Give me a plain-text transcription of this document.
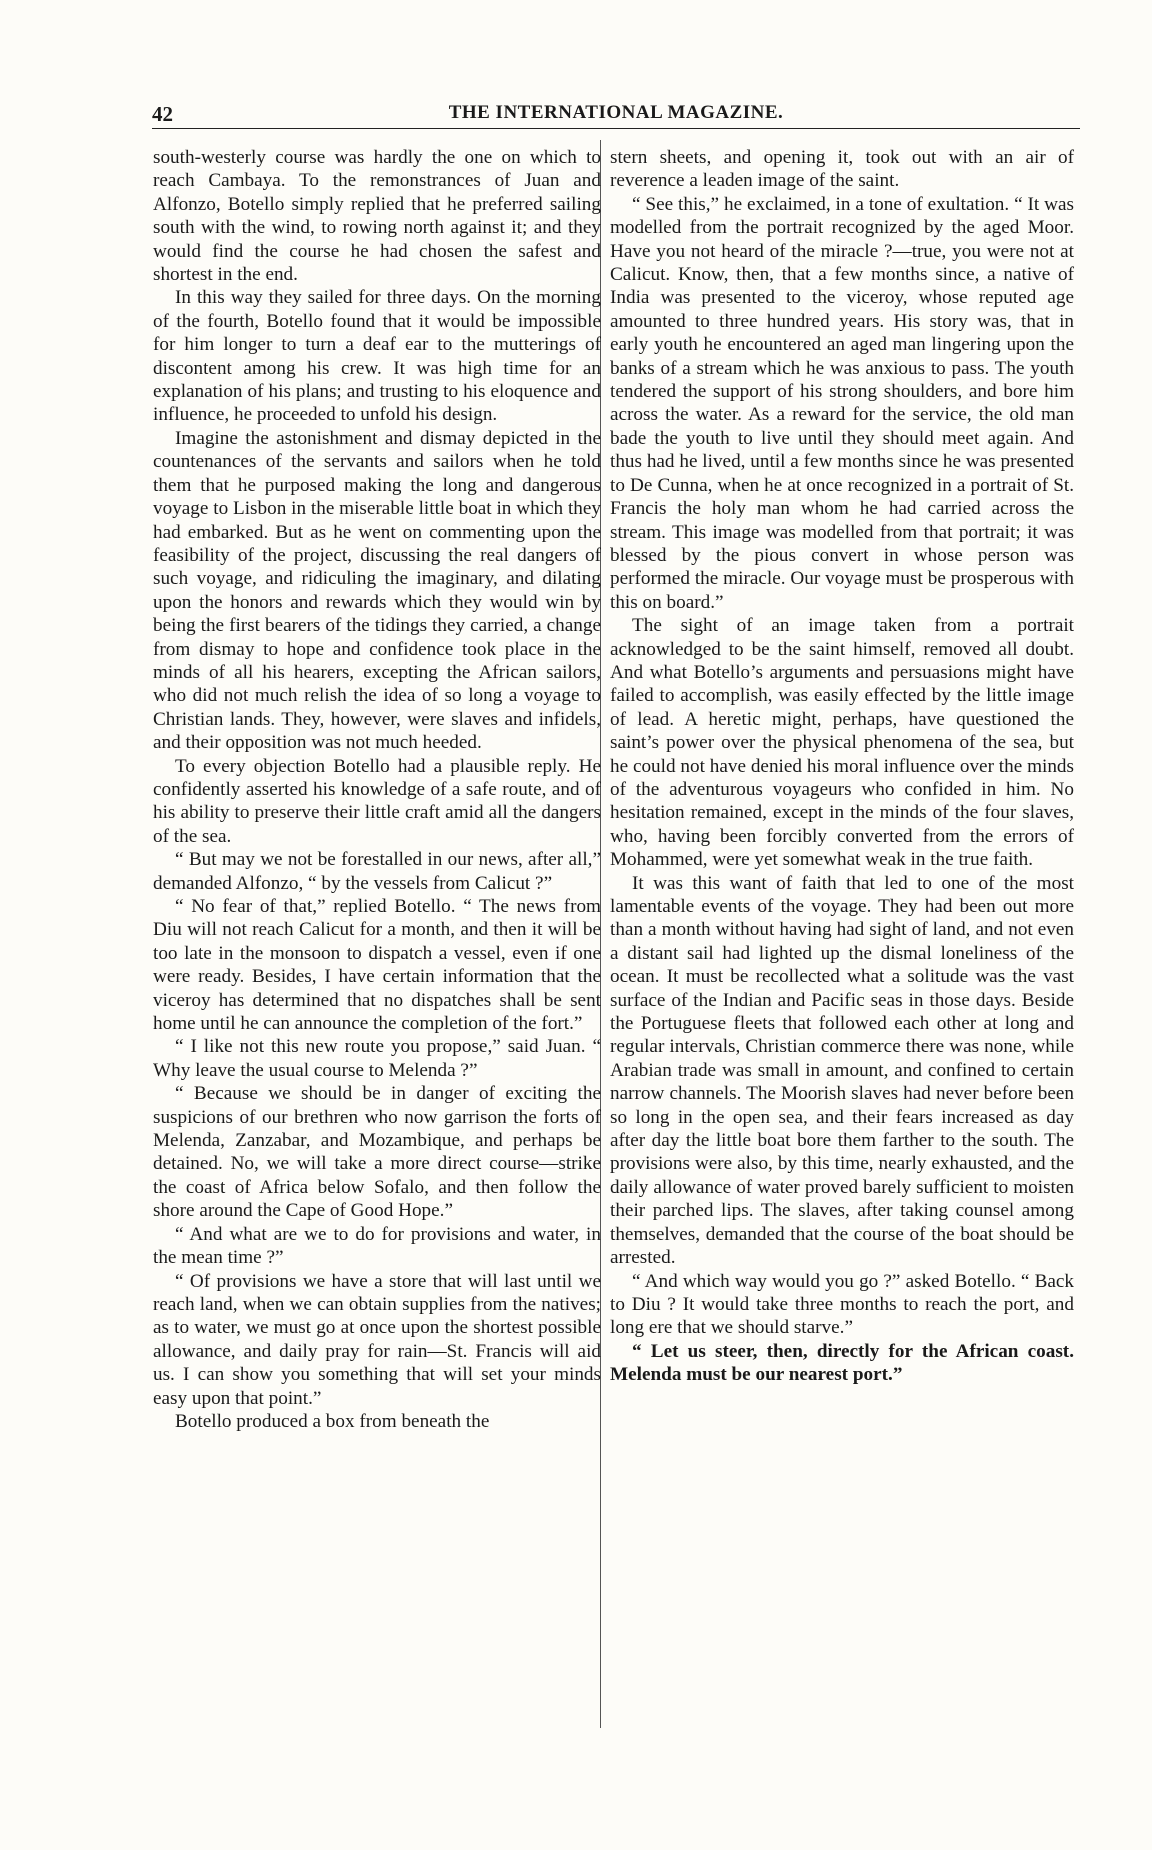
42	THE INTERNATIONAL MAGAZINE.

south-westerly course was hardly the one on which to reach Cambaya. To the remonstrances of Juan and Alfonzo, Botello simply replied that he preferred sailing south with the wind, to rowing north against it; and they would find the course he had chosen the safest and shortest in the end.

In this way they sailed for three days. On the morning of the fourth, Botello found that it would be impossible for him longer to turn a deaf ear to the mutterings of discontent among his crew. It was high time for an explanation of his plans; and trusting to his eloquence and influence, he proceeded to unfold his design.

Imagine the astonishment and dismay depicted in the countenances of the servants and sailors when he told them that he purposed making the long and dangerous voyage to Lisbon in the miserable little boat in which they had embarked. But as he went on commenting upon the feasibility of the project, discussing the real dangers of such voyage, and ridiculing the imaginary, and dilating upon the honors and rewards which they would win by being the first bearers of the tidings they carried, a change from dismay to hope and confidence took place in the minds of all his hearers, excepting the African sailors, who did not much relish the idea of so long a voyage to Christian lands. They, however, were slaves and infidels, and their opposition was not much heeded.

To every objection Botello had a plausible reply. He confidently asserted his knowledge of a safe route, and of his ability to preserve their little craft amid all the dangers of the sea.

“ But may we not be forestalled in our news, after all,” demanded Alfonzo, “ by the vessels from Calicut ?”

“ No fear of that,” replied Botello. “ The news from Diu will not reach Calicut for a month, and then it will be too late in the monsoon to dispatch a vessel, even if one were ready. Besides, I have certain information that the viceroy has determined that no dispatches shall be sent home until he can announce the completion of the fort.”

“ I like not this new route you propose,” said Juan. “ Why leave the usual course to Melenda ?”

“ Because we should be in danger of exciting the suspicions of our brethren who now garrison the forts of Melenda, Zanzabar, and Mozambique, and perhaps be detained. No, we will take a more direct course—strike the coast of Africa below Sofalo, and then follow the shore around the Cape of Good Hope.”

“ And what are we to do for provisions and water, in the mean time ?”

“ Of provisions we have a store that will last until we reach land, when we can obtain supplies from the natives; as to water, we must go at once upon the shortest possible allowance, and daily pray for rain—St. Francis will aid us. I can show you something that will set your minds easy upon that point.”

Botello produced a box from beneath the

stern sheets, and opening it, took out with an air of reverence a leaden image of the saint.

“ See this,” he exclaimed, in a tone of exultation. “ It was modelled from the portrait recognized by the aged Moor. Have you not heard of the miracle ?—true, you were not at Calicut. Know, then, that a few months since, a native of India was presented to the viceroy, whose reputed age amounted to three hundred years. His story was, that in early youth he encountered an aged man lingering upon the banks of a stream which he was anxious to pass. The youth tendered the support of his strong shoulders, and bore him across the water. As a reward for the service, the old man bade the youth to live until they should meet again. And thus had he lived, until a few months since he was presented to De Cunna, when he at once recognized in a portrait of St. Francis the holy man whom he had carried across the stream. This image was modelled from that portrait; it was blessed by the pious convert in whose person was performed the miracle. Our voyage must be prosperous with this on board.”

The sight of an image taken from a portrait acknowledged to be the saint himself, removed all doubt. And what Botello’s arguments and persuasions might have failed to accomplish, was easily effected by the little image of lead. A heretic might, perhaps, have questioned the saint’s power over the physical phenomena of the sea, but he could not have denied his moral influence over the minds of the adventurous voyageurs who confided in him. No hesitation remained, except in the minds of the four slaves, who, having been forcibly converted from the errors of Mohammed, were yet somewhat weak in the true faith.

It was this want of faith that led to one of the most lamentable events of the voyage. They had been out more than a month without having had sight of land, and not even a distant sail had lighted up the dismal loneliness of the ocean. It must be recollected what a solitude was the vast surface of the Indian and Pacific seas in those days. Beside the Portuguese fleets that followed each other at long and regular intervals, Christian commerce there was none, while Arabian trade was small in amount, and confined to certain narrow channels. The Moorish slaves had never before been so long in the open sea, and their fears increased as day after day the little boat bore them farther to the south. The provisions were also, by this time, nearly exhausted, and the daily allowance of water proved barely sufficient to moisten their parched lips. The slaves, after taking counsel among themselves, demanded that the course of the boat should be arrested.

“ And which way would you go ?” asked Botello. “ Back to Diu ? It would take three months to reach the port, and long ere that we should starve.”

“ Let us steer, then, directly for the African coast. Melenda must be our nearest port.”
